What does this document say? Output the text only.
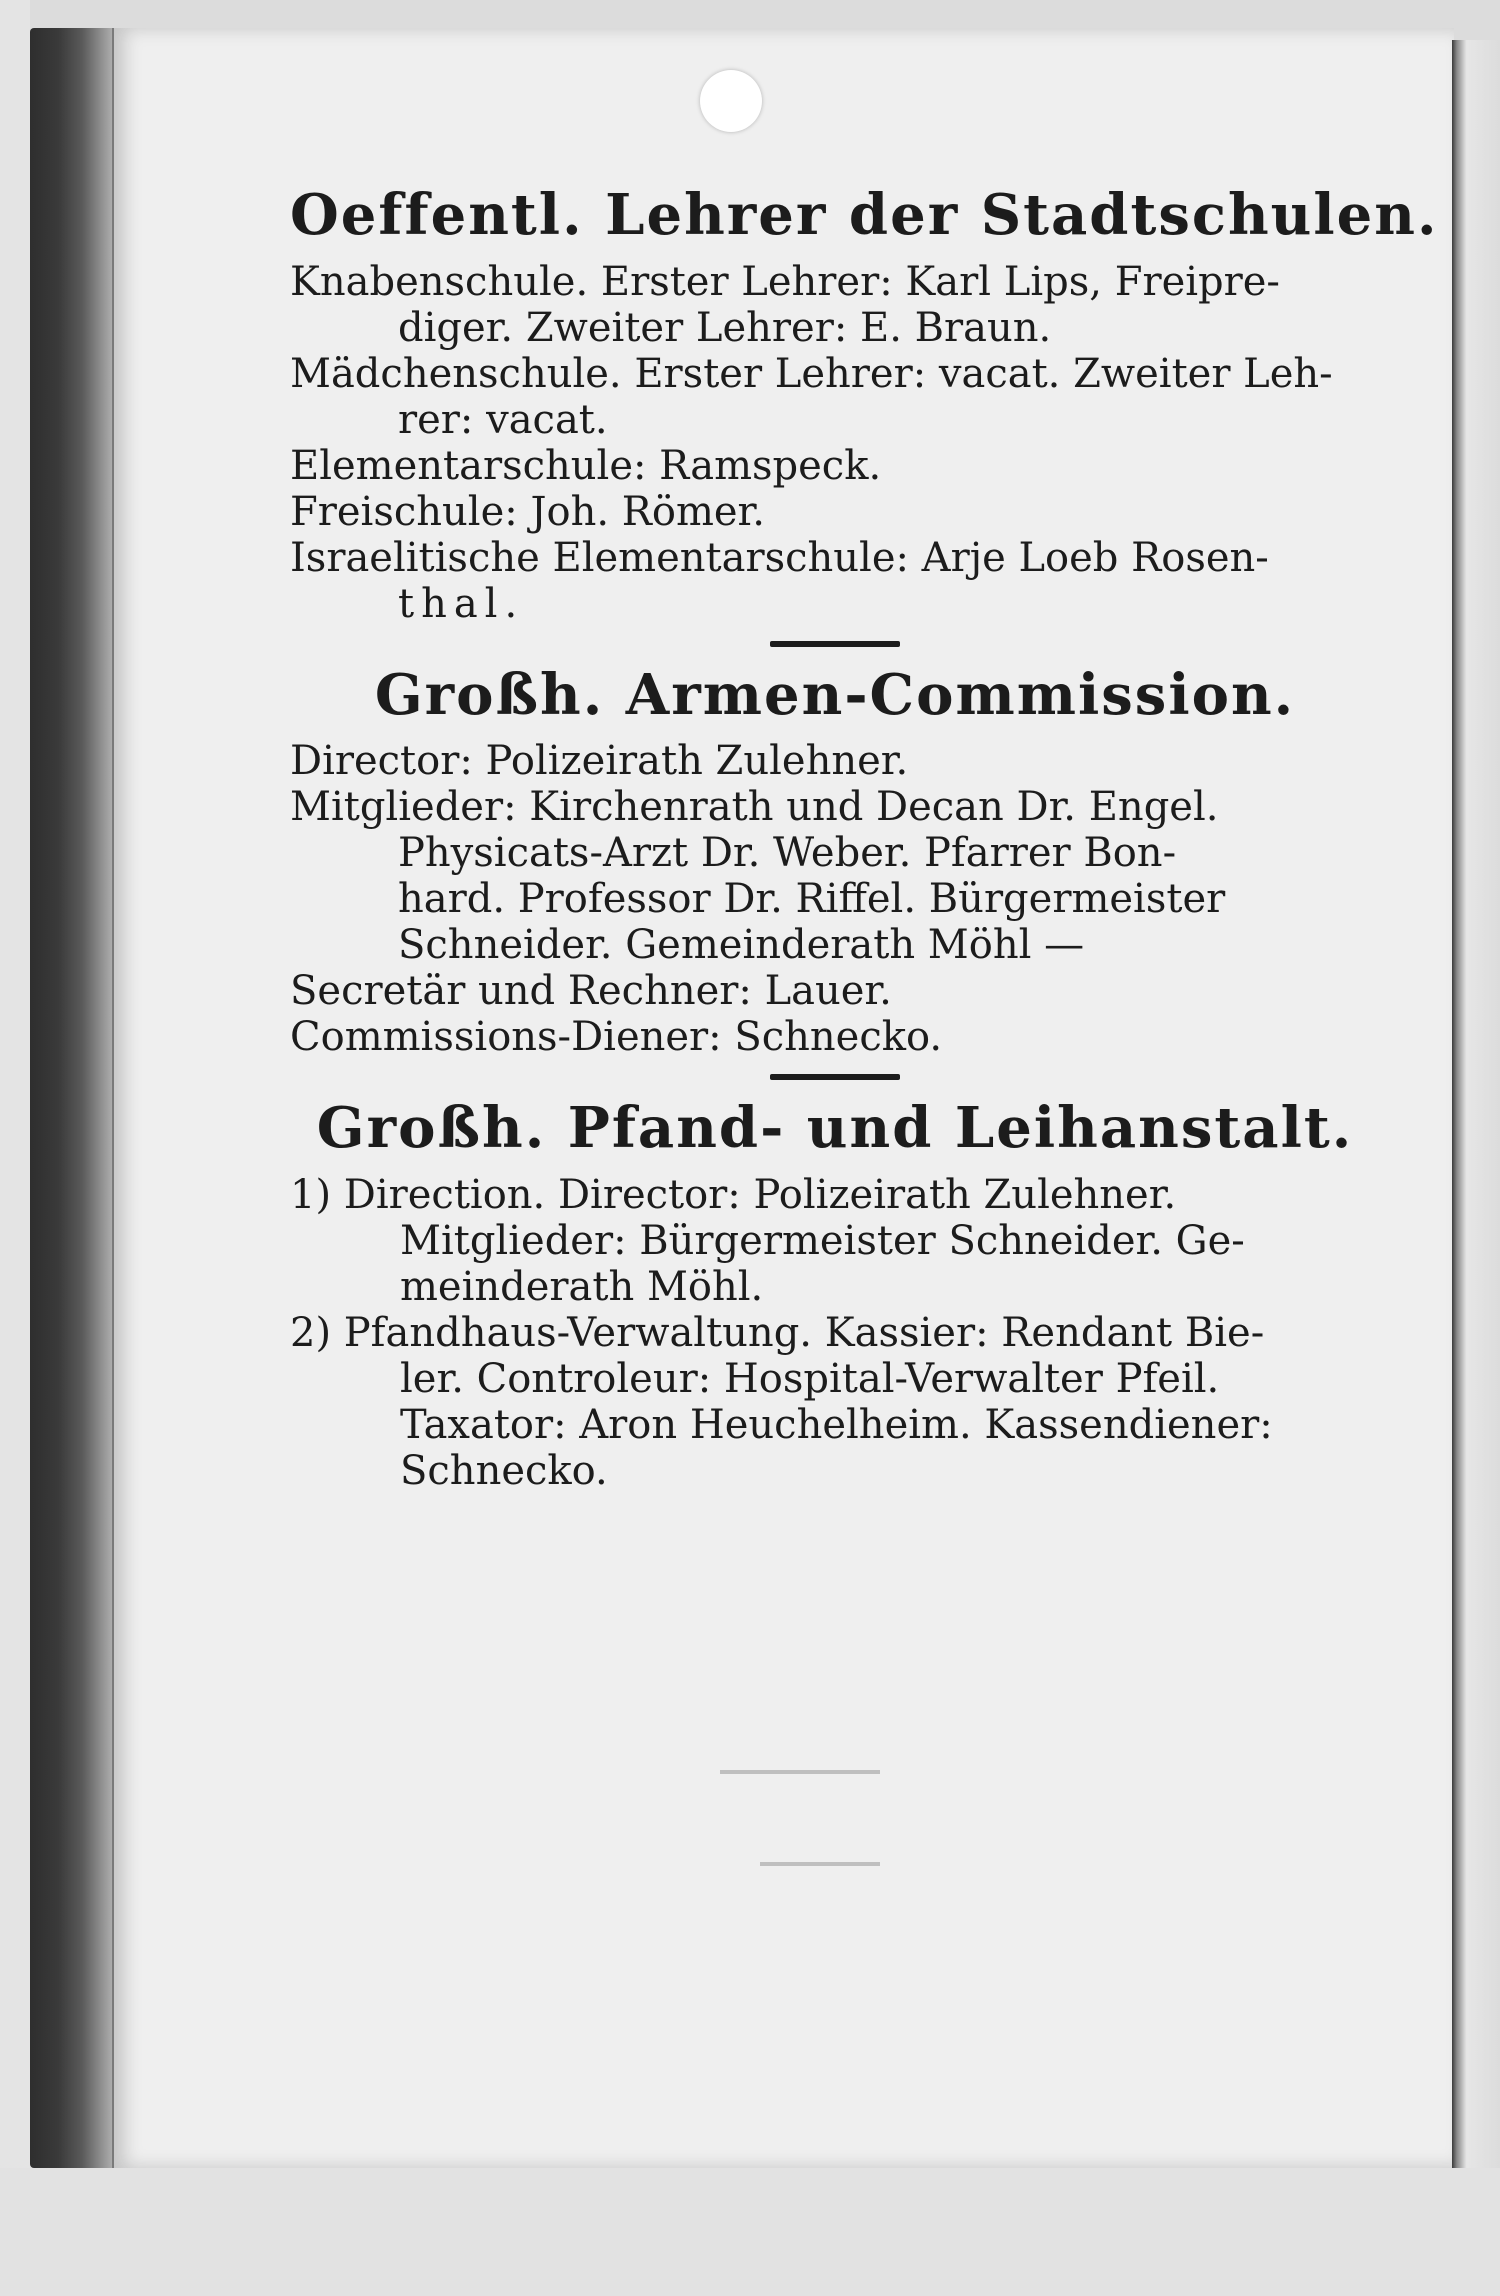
Oeffentl. Lehrer der Stadtschulen.
Knabenschule. Erster Lehrer: Karl Lips, Freipre-
diger. Zweiter Lehrer: E. Braun.
Mädchenschule. Erster Lehrer: vacat. Zweiter Leh-
rer: vacat.
Elementarschule: Ramspeck.
Freischule: Joh. Römer.
Israelitische Elementarschule: Arje Loeb Rosen-
thal.
Großh. Armen-Commission.
Director: Polizeirath Zulehner.
Mitglieder: Kirchenrath und Decan Dr. Engel.
Physicats-Arzt Dr. Weber. Pfarrer Bon-
hard. Professor Dr. Riffel. Bürgermeister
Schneider. Gemeinderath Möhl —
Secretär und Rechner: Lauer.
Commissions-Diener: Schnecko.
Großh. Pfand- und Leihanstalt.
1) Direction. Director: Polizeirath Zulehner.
Mitglieder: Bürgermeister Schneider. Ge-
meinderath Möhl.
2) Pfandhaus-Verwaltung. Kassier: Rendant Bie-
ler. Controleur: Hospital-Verwalter Pfeil.
Taxator: Aron Heuchelheim. Kassendiener:
Schnecko.
